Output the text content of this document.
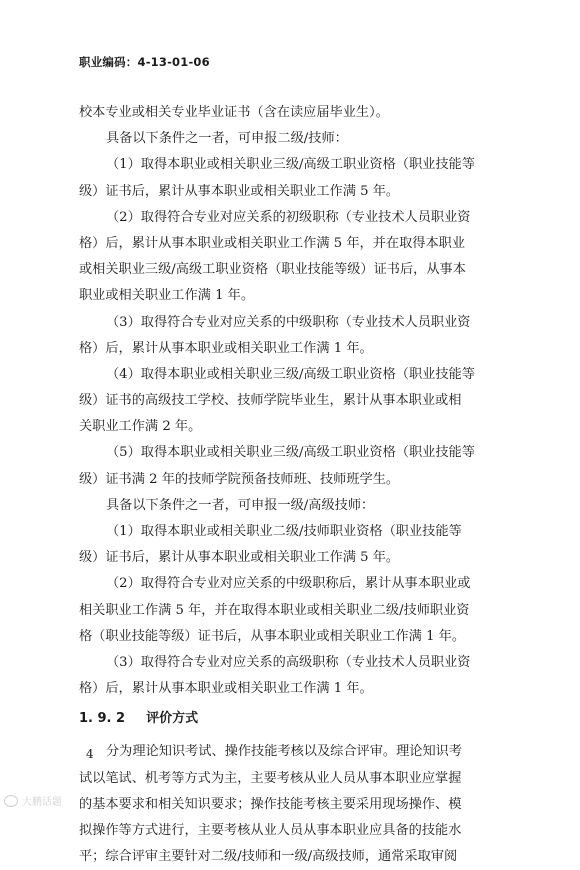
职业编码：4-13-01-06
校本专业或相关专业毕业证书（含在读应届毕业生）。
具备以下条件之一者，可申报二级/技师：
（1）取得本职业或相关职业三级/高级工职业资格（职业技能等
级）证书后，累计从事本职业或相关职业工作满 5 年。
（2）取得符合专业对应关系的初级职称（专业技术人员职业资
格）后，累计从事本职业或相关职业工作满 5 年，并在取得本职业
或相关职业三级/高级工职业资格（职业技能等级）证书后，从事本
职业或相关职业工作满 1 年。
（3）取得符合专业对应关系的中级职称（专业技术人员职业资
格）后，累计从事本职业或相关职业工作满 1 年。
（4）取得本职业或相关职业三级/高级工职业资格（职业技能等
级）证书的高级技工学校、技师学院毕业生，累计从事本职业或相
关职业工作满 2 年。
（5）取得本职业或相关职业三级/高级工职业资格（职业技能等
级）证书满 2 年的技师学院预备技师班、技师班学生。
具备以下条件之一者，可申报一级/高级技师：
（1）取得本职业或相关职业二级/技师职业资格（职业技能等
级）证书后，累计从事本职业或相关职业工作满 5 年。
（2）取得符合专业对应关系的中级职称后，累计从事本职业或
相关职业工作满 5 年，并在取得本职业或相关职业二级/技师职业资
格（职业技能等级）证书后，从事本职业或相关职业工作满 1 年。
（3）取得符合专业对应关系的高级职称（专业技术人员职业资
格）后，累计从事本职业或相关职业工作满 1 年。
1. 9. 2 评价方式
分为理论知识考试、操作技能考核以及综合评审。理论知识考
试以笔试、机考等方式为主，主要考核从业人员从事本职业应掌握
的基本要求和相关知识要求；操作技能考核主要采用现场操作、模
拟操作等方式进行，主要考核从业人员从事本职业应具备的技能水
平；综合评审主要针对二级/技师和一级/高级技师，通常采取审阅
4
大鹏话题
